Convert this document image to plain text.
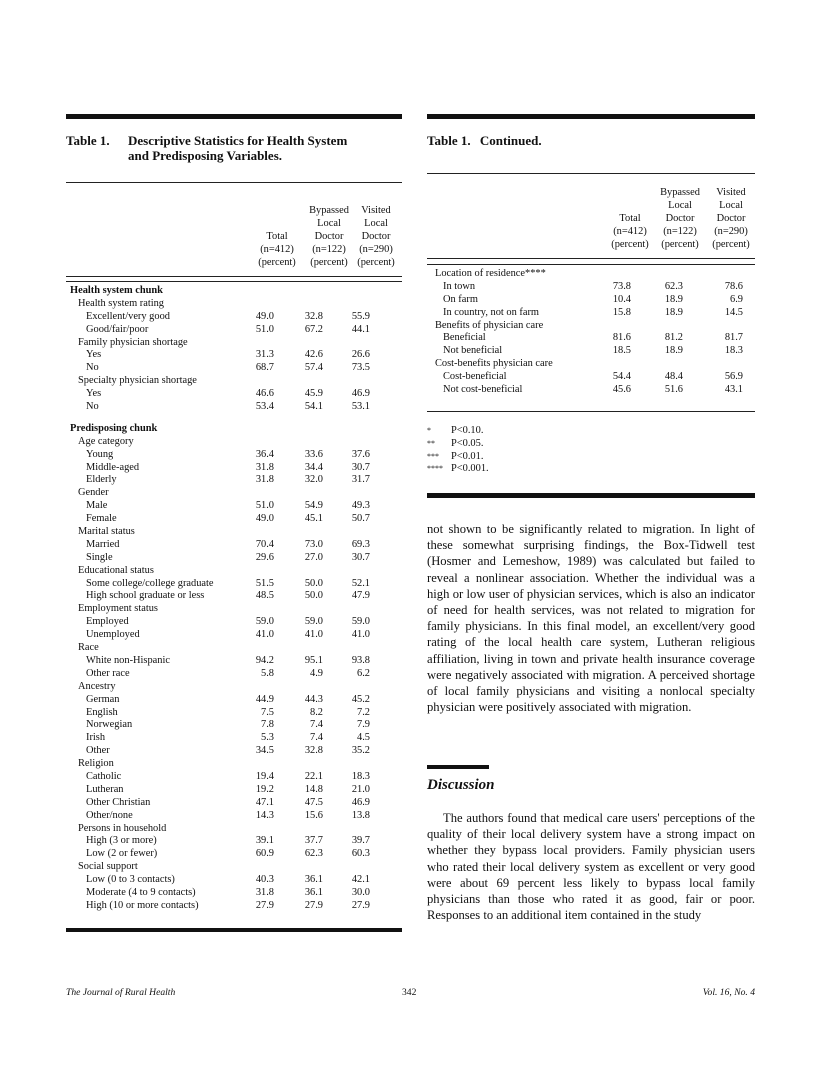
Table 1. Descriptive Statistics for Health System
and Predisposing Variables.
Total
(n=412)
(percent)
Bypassed
Local
Doctor
(n=122)
(percent)
Visited
Local
Doctor
(n=290)
(percent)
Health system chunk
Health system rating
Excellent/very good	49.0	32.8	55.9
Good/fair/poor	51.0	67.2	44.1
Family physician shortage
Yes	31.3	42.6	26.6
No	68.7	57.4	73.5
Specialty physician shortage
Yes	46.6	45.9	46.9
No	53.4	54.1	53.1
Predisposing chunk
Age category
Young	36.4	33.6	37.6
Middle-aged	31.8	34.4	30.7
Elderly	31.8	32.0	31.7
Gender
Male	51.0	54.9	49.3
Female	49.0	45.1	50.7
Marital status
Married	70.4	73.0	69.3
Single	29.6	27.0	30.7
Educational status
Some college/college graduate	51.5	50.0	52.1
High school graduate or less	48.5	50.0	47.9
Employment status
Employed	59.0	59.0	59.0
Unemployed	41.0	41.0	41.0
Race
White non-Hispanic	94.2	95.1	93.8
Other race	5.8	4.9	6.2
Ancestry
German	44.9	44.3	45.2
English	7.5	8.2	7.2
Norwegian	7.8	7.4	7.9
Irish	5.3	7.4	4.5
Other	34.5	32.8	35.2
Religion
Catholic	19.4	22.1	18.3
Lutheran	19.2	14.8	21.0
Other Christian	47.1	47.5	46.9
Other/none	14.3	15.6	13.8
Persons in household
High (3 or more)	39.1	37.7	39.7
Low (2 or fewer)	60.9	62.3	60.3
Social support
Low (0 to 3 contacts)	40.3	36.1	42.1
Moderate (4 to 9 contacts)	31.8	36.1	30.0
High (10 or more contacts)	27.9	27.9	27.9
Table 1. Continued.
Total
(n=412)
(percent)
Bypassed
Local
Doctor
(n=122)
(percent)
Visited
Local
Doctor
(n=290)
(percent)
Location of residence****
In town	73.8	62.3	78.6
On farm	10.4	18.9	6.9
In country, not on farm	15.8	18.9	14.5
Benefits of physician care
Beneficial	81.6	81.2	81.7
Not beneficial	18.5	18.9	18.3
Cost-benefits physician care
Cost-beneficial	54.4	48.4	56.9
Not cost-beneficial	45.6	51.6	43.1
* P<0.10.
** P<0.05.
*** P<0.01.
**** P<0.001.

not shown to be significantly related to migration. In light of these somewhat surprising findings, the Box-Tidwell test (Hosmer and Lemeshow, 1989) was calculated but failed to reveal a nonlinear association. Whether the individual was a high or low user of physician services, which is also an indicator of need for health services, was not related to migration for family physicians. In this final model, an excellent/very good rating of the local health care system, Lutheran religious affiliation, living in town and private health insurance coverage were negatively associated with migration. A perceived shortage of local family physicians and visiting a nonlocal specialty physician were positively associated with migration.

Discussion

The authors found that medical care users' perceptions of the quality of their local delivery system have a strong impact on whether they bypass local providers. Family physician users who rated their local delivery system as excellent or very good were about 69 percent less likely to bypass local family physicians than those who rated it as good, fair or poor. Responses to an additional item contained in the study

The Journal of Rural Health	342	Vol. 16, No. 4
